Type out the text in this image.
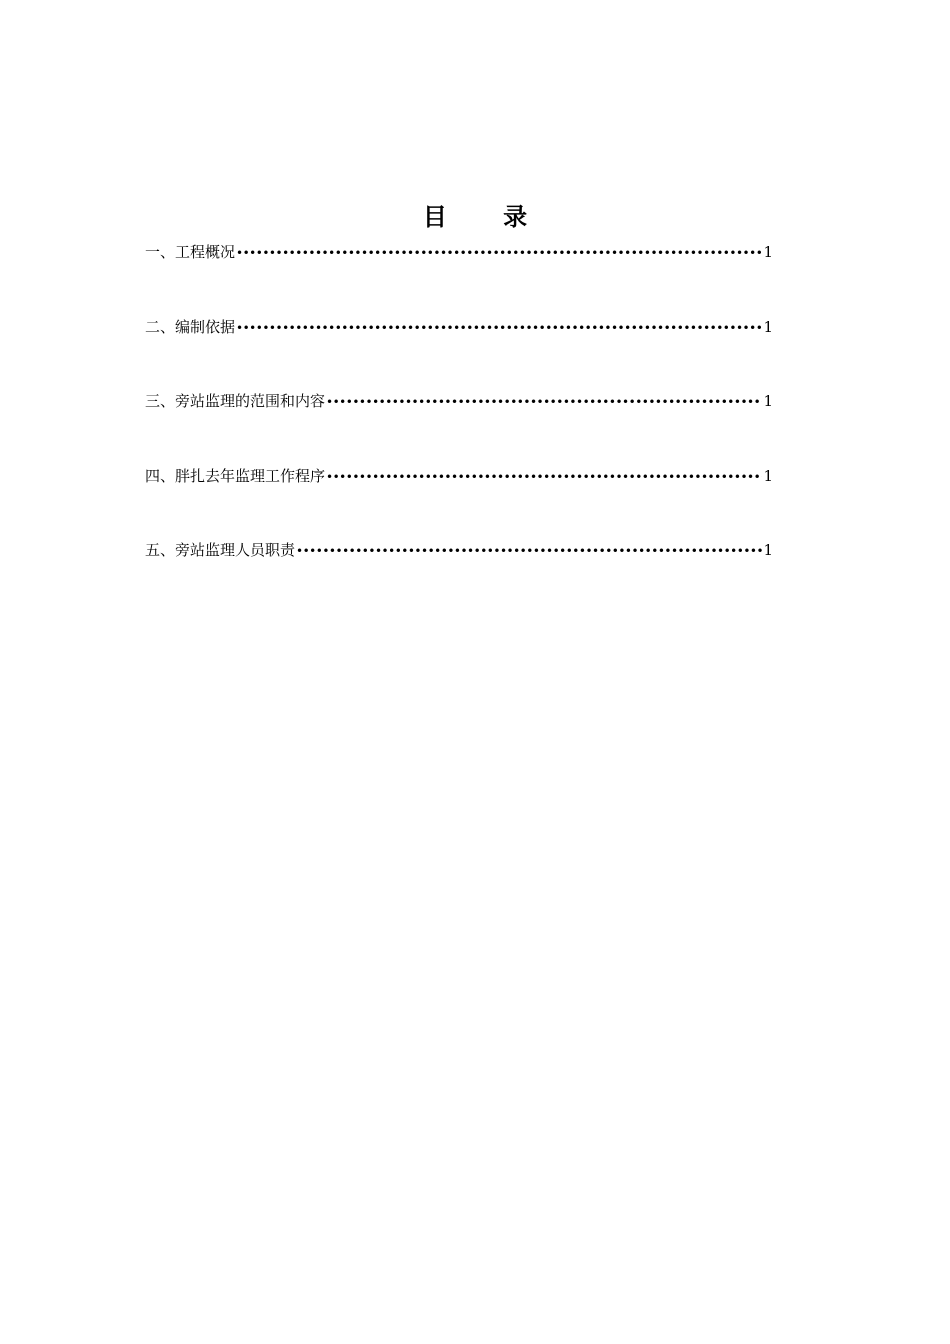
目 录
一、工程概况 •••••	1
二、编制依据 •••••	1
三、旁站监理的范围和内容 •••••	1
四、胖扎去年监理工作程序 •••••	1
五、旁站监理人员职责 •••••	1
